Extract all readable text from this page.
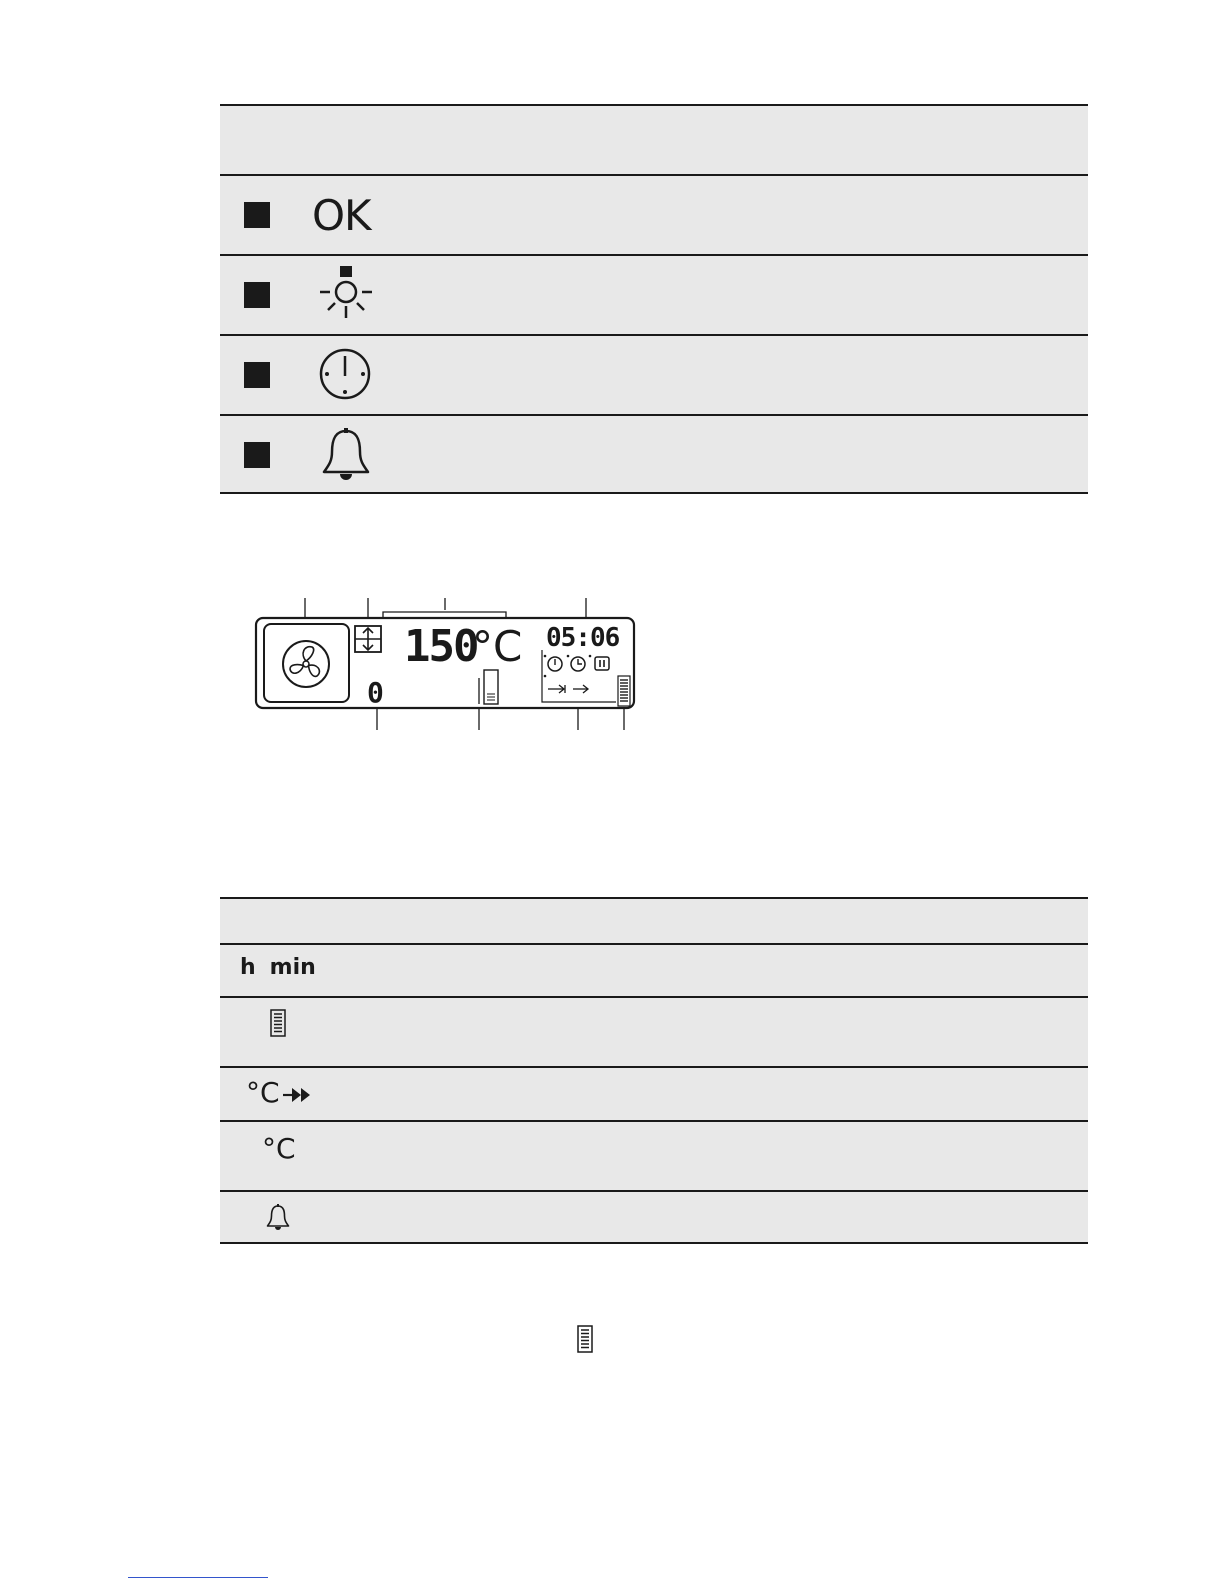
OK
150
°C 05:06
0
h min
°C
°C
